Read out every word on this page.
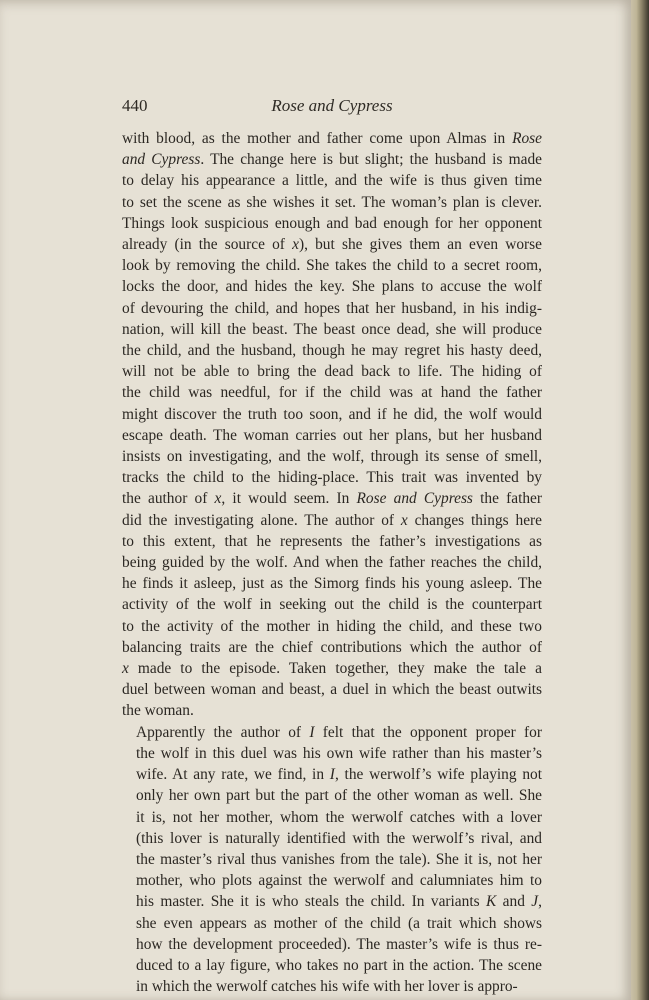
440	Rose and Cypress

with blood, as the mother and father come upon Almas in Rose
and Cypress. The change here is but slight; the husband is made
to delay his appearance a little, and the wife is thus given time
to set the scene as she wishes it set. The woman’s plan is clever.
Things look suspicious enough and bad enough for her opponent
already (in the source of x), but she gives them an even worse
look by removing the child. She takes the child to a secret room,
locks the door, and hides the key. She plans to accuse the wolf
of devouring the child, and hopes that her husband, in his indig-
nation, will kill the beast. The beast once dead, she will produce
the child, and the husband, though he may regret his hasty deed,
will not be able to bring the dead back to life. The hiding of
the child was needful, for if the child was at hand the father
might discover the truth too soon, and if he did, the wolf would
escape death. The woman carries out her plans, but her husband
insists on investigating, and the wolf, through its sense of smell,
tracks the child to the hiding-place. This trait was invented by
the author of x, it would seem. In Rose and Cypress the father
did the investigating alone. The author of x changes things here
to this extent, that he represents the father’s investigations as
being guided by the wolf. And when the father reaches the child,
he finds it asleep, just as the Simorg finds his young asleep. The
activity of the wolf in seeking out the child is the counterpart
to the activity of the mother in hiding the child, and these two
balancing traits are the chief contributions which the author of
x made to the episode. Taken together, they make the tale a
duel between woman and beast, a duel in which the beast outwits
the woman.

Apparently the author of I felt that the opponent proper for
the wolf in this duel was his own wife rather than his master’s
wife. At any rate, we find, in I, the werwolf’s wife playing not
only her own part but the part of the other woman as well. She
it is, not her mother, whom the werwolf catches with a lover
(this lover is naturally identified with the werwolf’s rival, and
the master’s rival thus vanishes from the tale). She it is, not her
mother, who plots against the werwolf and calumniates him to
his master. She it is who steals the child. In variants K and J,
she even appears as mother of the child (a trait which shows
how the development proceeded). The master’s wife is thus re-
duced to a lay figure, who takes no part in the action. The scene
in which the werwolf catches his wife with her lover is appro-
